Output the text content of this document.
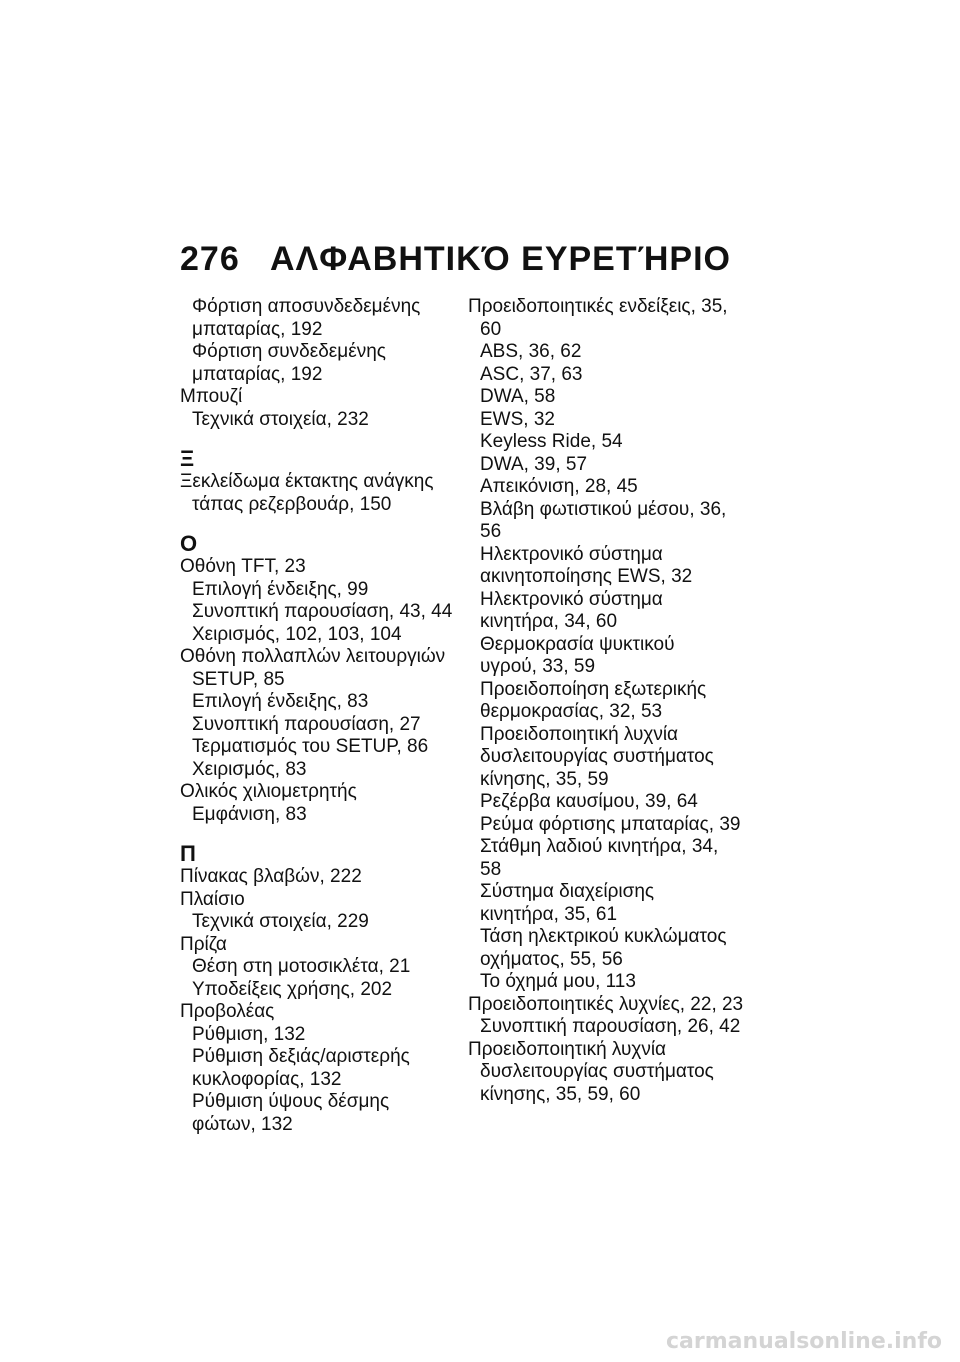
276 ΑΛΦΑΒΗΤΙΚΌ ΕΥΡΕΤΉΡΙΟ
Φόρτιση αποσυνδεδεμένης
μπαταρίας, 192
Φόρτιση συνδεδεμένης
μπαταρίας, 192
Μπουζί
Τεχνικά στοιχεία, 232
Ξ
Ξεκλείδωμα έκτακτης ανάγκης
τάπας ρεζερβουάρ, 150
Ο
Οθόνη TFT, 23
Επιλογή ένδειξης, 99
Συνοπτική παρουσίαση, 43, 44
Χειρισμός, 102, 103, 104
Οθόνη πολλαπλών λειτουργιών
SETUP, 85
Επιλογή ένδειξης, 83
Συνοπτική παρουσίαση, 27
Τερματισμός του SETUP, 86
Χειρισμός, 83
Ολικός χιλιομετρητής
Εμφάνιση, 83
Π
Πίνακας βλαβών, 222
Πλαίσιο
Τεχνικά στοιχεία, 229
Πρίζα
Θέση στη μοτοσικλέτα, 21
Υποδείξεις χρήσης, 202
Προβολέας
Ρύθμιση, 132
Ρύθμιση δεξιάς/αριστερής
κυκλοφορίας, 132
Ρύθμιση ύψους δέσμης
φώτων, 132
Προειδοποιητικές ενδείξεις, 35,
60
ABS, 36, 62
ASC, 37, 63
DWA, 58
EWS, 32
Keyless Ride, 54
DWA, 39, 57
Απεικόνιση, 28, 45
Βλάβη φωτιστικού μέσου, 36,
56
Ηλεκτρονικό σύστημα
ακινητοποίησης EWS, 32
Ηλεκτρονικό σύστημα
κινητήρα, 34, 60
Θερμοκρασία ψυκτικού
υγρού, 33, 59
Προειδοποίηση εξωτερικής
θερμοκρασίας, 32, 53
Προειδοποιητική λυχνία
δυσλειτουργίας συστήματος
κίνησης, 35, 59
Ρεζέρβα καυσίμου, 39, 64
Ρεύμα φόρτισης μπαταρίας, 39
Στάθμη λαδιού κινητήρα, 34,
58
Σύστημα διαχείρισης
κινητήρα, 35, 61
Τάση ηλεκτρικού κυκλώματος
οχήματος, 55, 56
Το όχημά μου, 113
Προειδοποιητικές λυχνίες, 22, 23
Συνοπτική παρουσίαση, 26, 42
Προειδοποιητική λυχνία
δυσλειτουργίας συστήματος
κίνησης, 35, 59, 60
carmanualsonline.info
